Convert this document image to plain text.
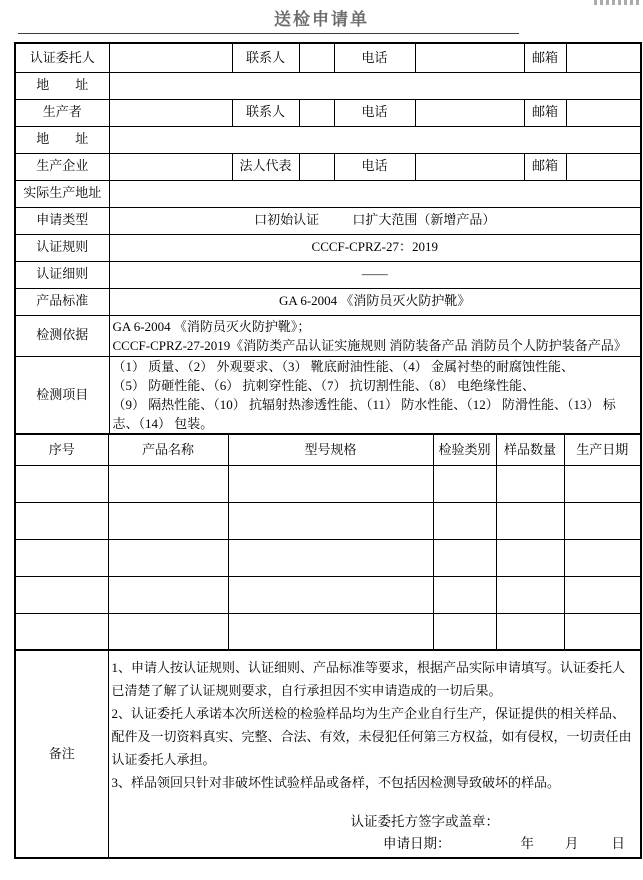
送检申请单
认证委托人		联系人		电话		邮箱	
地　　址							
生产者		联系人		电话		邮箱	
地　　址							
生产企业		法人代表		电话		邮箱	
实际生产地址							
申请类型	口初始认证 口扩大范围（新增产品）						
认证规则	CCCF-CPRZ-27：2019						
认证细则	——						
产品标准	GA 6-2004 《消防员灭火防护靴》						
检测依据	GA 6-2004 《消防员灭火防护靴》；
CCCF-CPRZ-27-2019《消防类产品认证实施规则 消防装备产品 消防员个人防护装备产品》						

检测项目	（1） 质量、（2） 外观要求、（3） 靴底耐油性能、（4） 金属衬垫的耐腐蚀性能、
（5） 防砸性能、（6） 抗刺穿性能、（7） 抗切割性能、（8） 电绝缘性能、
（9） 隔热性能、（10） 抗辐射热渗透性能、（11） 防水性能、（12） 防滑性能、（13） 标
志、（14） 包装。						
序号	产品名称	型号规格	检验类别	样品数量	生产日期

备注	
1、申请人按认证规则、认证细则、产品标准等要求，根据产品实际申请填写。认证委托人已清楚了解了认证规则要求，自行承担因不实申请造成的一切后果。
2、认证委托人承诺本次所送检的检验样品均为生产企业自行生产，保证提供的相关样品、配件及一切资料真实、完整、合法、有效，未侵犯任何第三方权益，如有侵权，一切责任由认证委托人承担。
3、样品领回只针对非破坏性试验样品或备样，不包括因检测导致破坏的样品。
认证委托方签字或盖章：
申请日期：	年 月 日
